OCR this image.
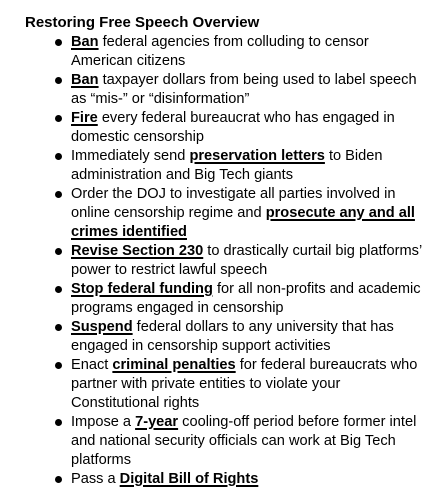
Restoring Free Speech Overview
Ban federal agencies from colluding to censor American citizens
Ban taxpayer dollars from being used to label speech as “mis-” or “disinformation”
Fire every federal bureaucrat who has engaged in domestic censorship
Immediately send preservation letters to Biden administration and Big Tech giants
Order the DOJ to investigate all parties involved in online censorship regime and prosecute any and all crimes identified
Revise Section 230 to drastically curtail big platforms’ power to restrict lawful speech
Stop federal funding for all non-profits and academic programs engaged in censorship
Suspend federal dollars to any university that has engaged in censorship support activities
Enact criminal penalties for federal bureaucrats who partner with private entities to violate your Constitutional rights
Impose a 7-year cooling-off period before former intel and national security officials can work at Big Tech platforms
Pass a Digital Bill of Rights
